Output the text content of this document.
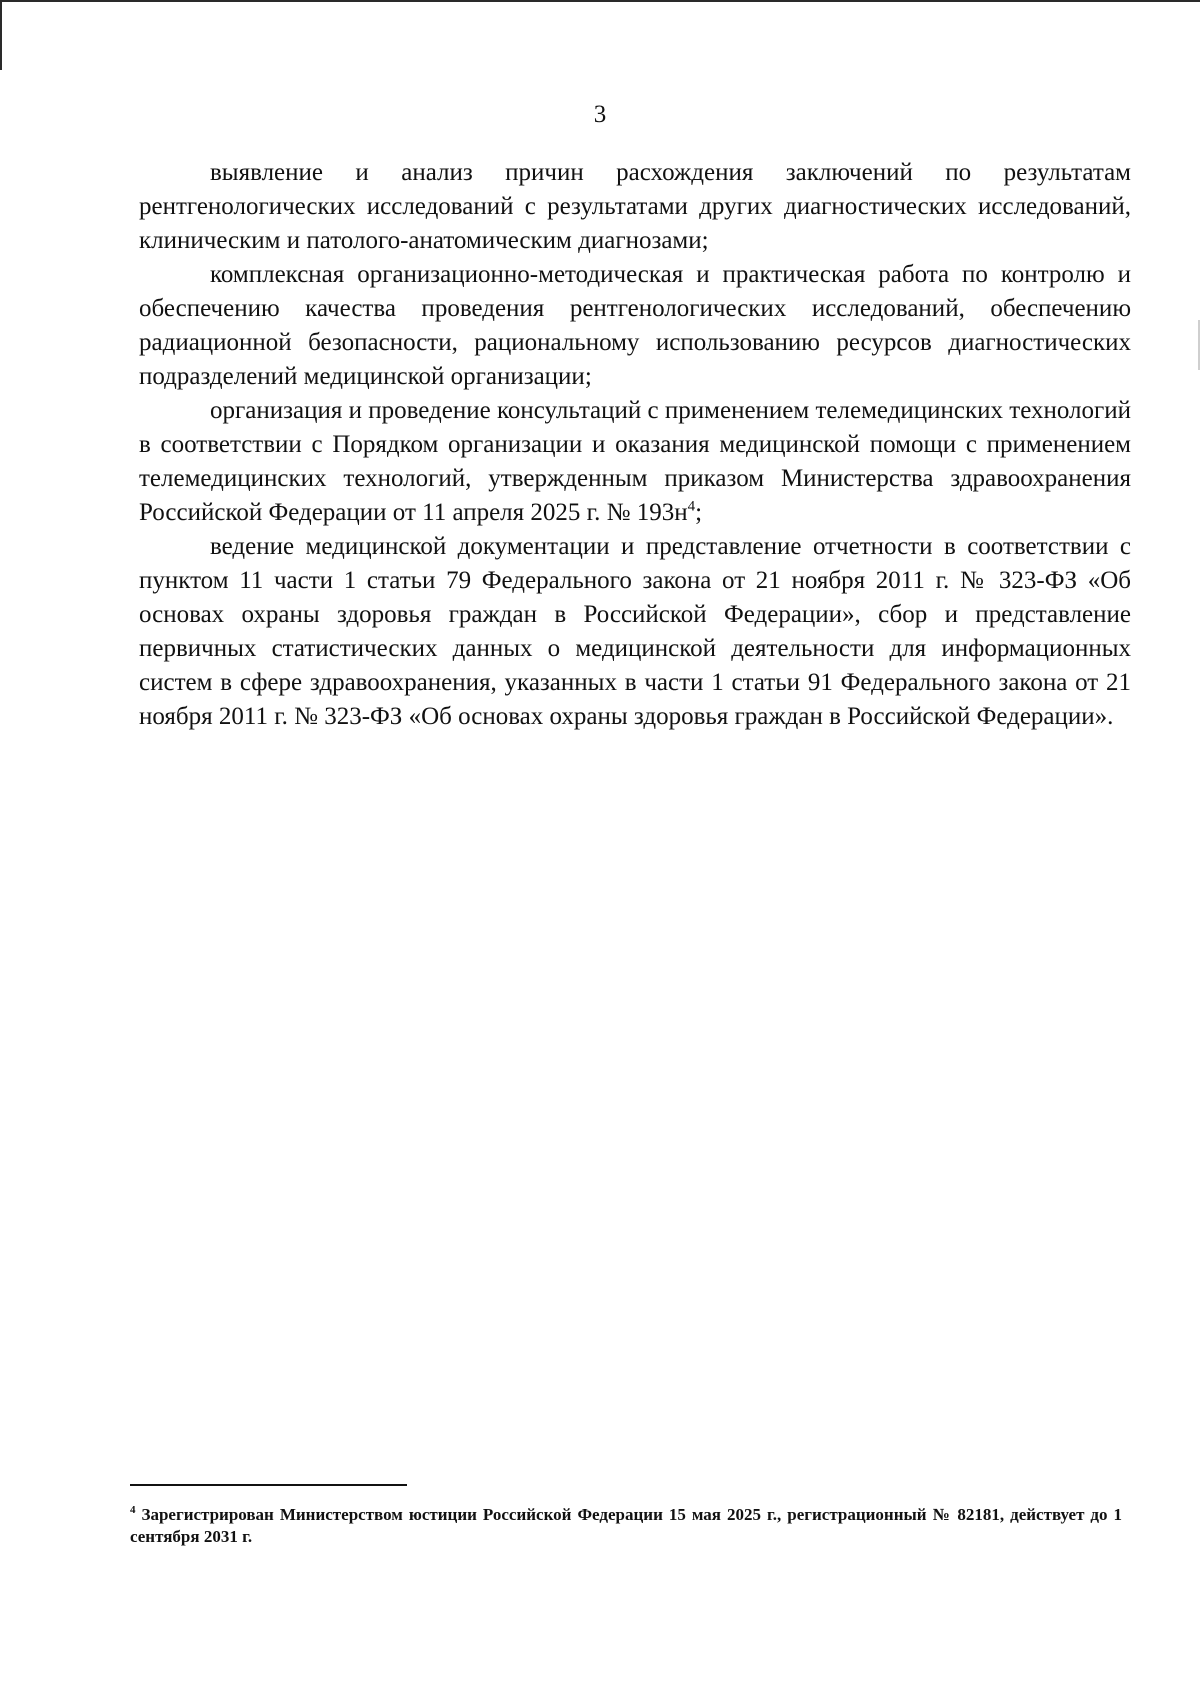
3

выявление и анализ причин расхождения заключений по результатам рентгенологических исследований с результатами других диагностических исследований, клиническим и патолого-анатомическим диагнозами;

комплексная организационно-методическая и практическая работа по контролю и обеспечению качества проведения рентгенологических исследований, обеспечению радиационной безопасности, рациональному использованию ресурсов диагностических подразделений медицинской организации;

организация и проведение консультаций с применением телемедицинских технологий в соответствии с Порядком организации и оказания медицинской помощи с применением телемедицинских технологий, утвержденным приказом Министерства здравоохранения Российской Федерации от 11 апреля 2025 г. № $193н^4$;

ведение медицинской документации и представление отчетности в соответствии с пунктом 11 части 1 статьи 79 Федерального закона от 21 ноября 2011 г. № 323-ФЗ «Об основах охраны здоровья граждан в Российской Федерации», сбор и представление первичных статистических данных о медицинской деятельности для информационных систем в сфере здравоохранения, указанных в части 1 статьи 91 Федерального закона от 21 ноября 2011 г. № 323-ФЗ «Об основах охраны здоровья граждан в Российской Федерации».

$^4$ Зарегистрирован Министерством юстиции Российской Федерации 15 мая 2025 г., регистрационный № 82181, действует до 1 сентября 2031 г.
